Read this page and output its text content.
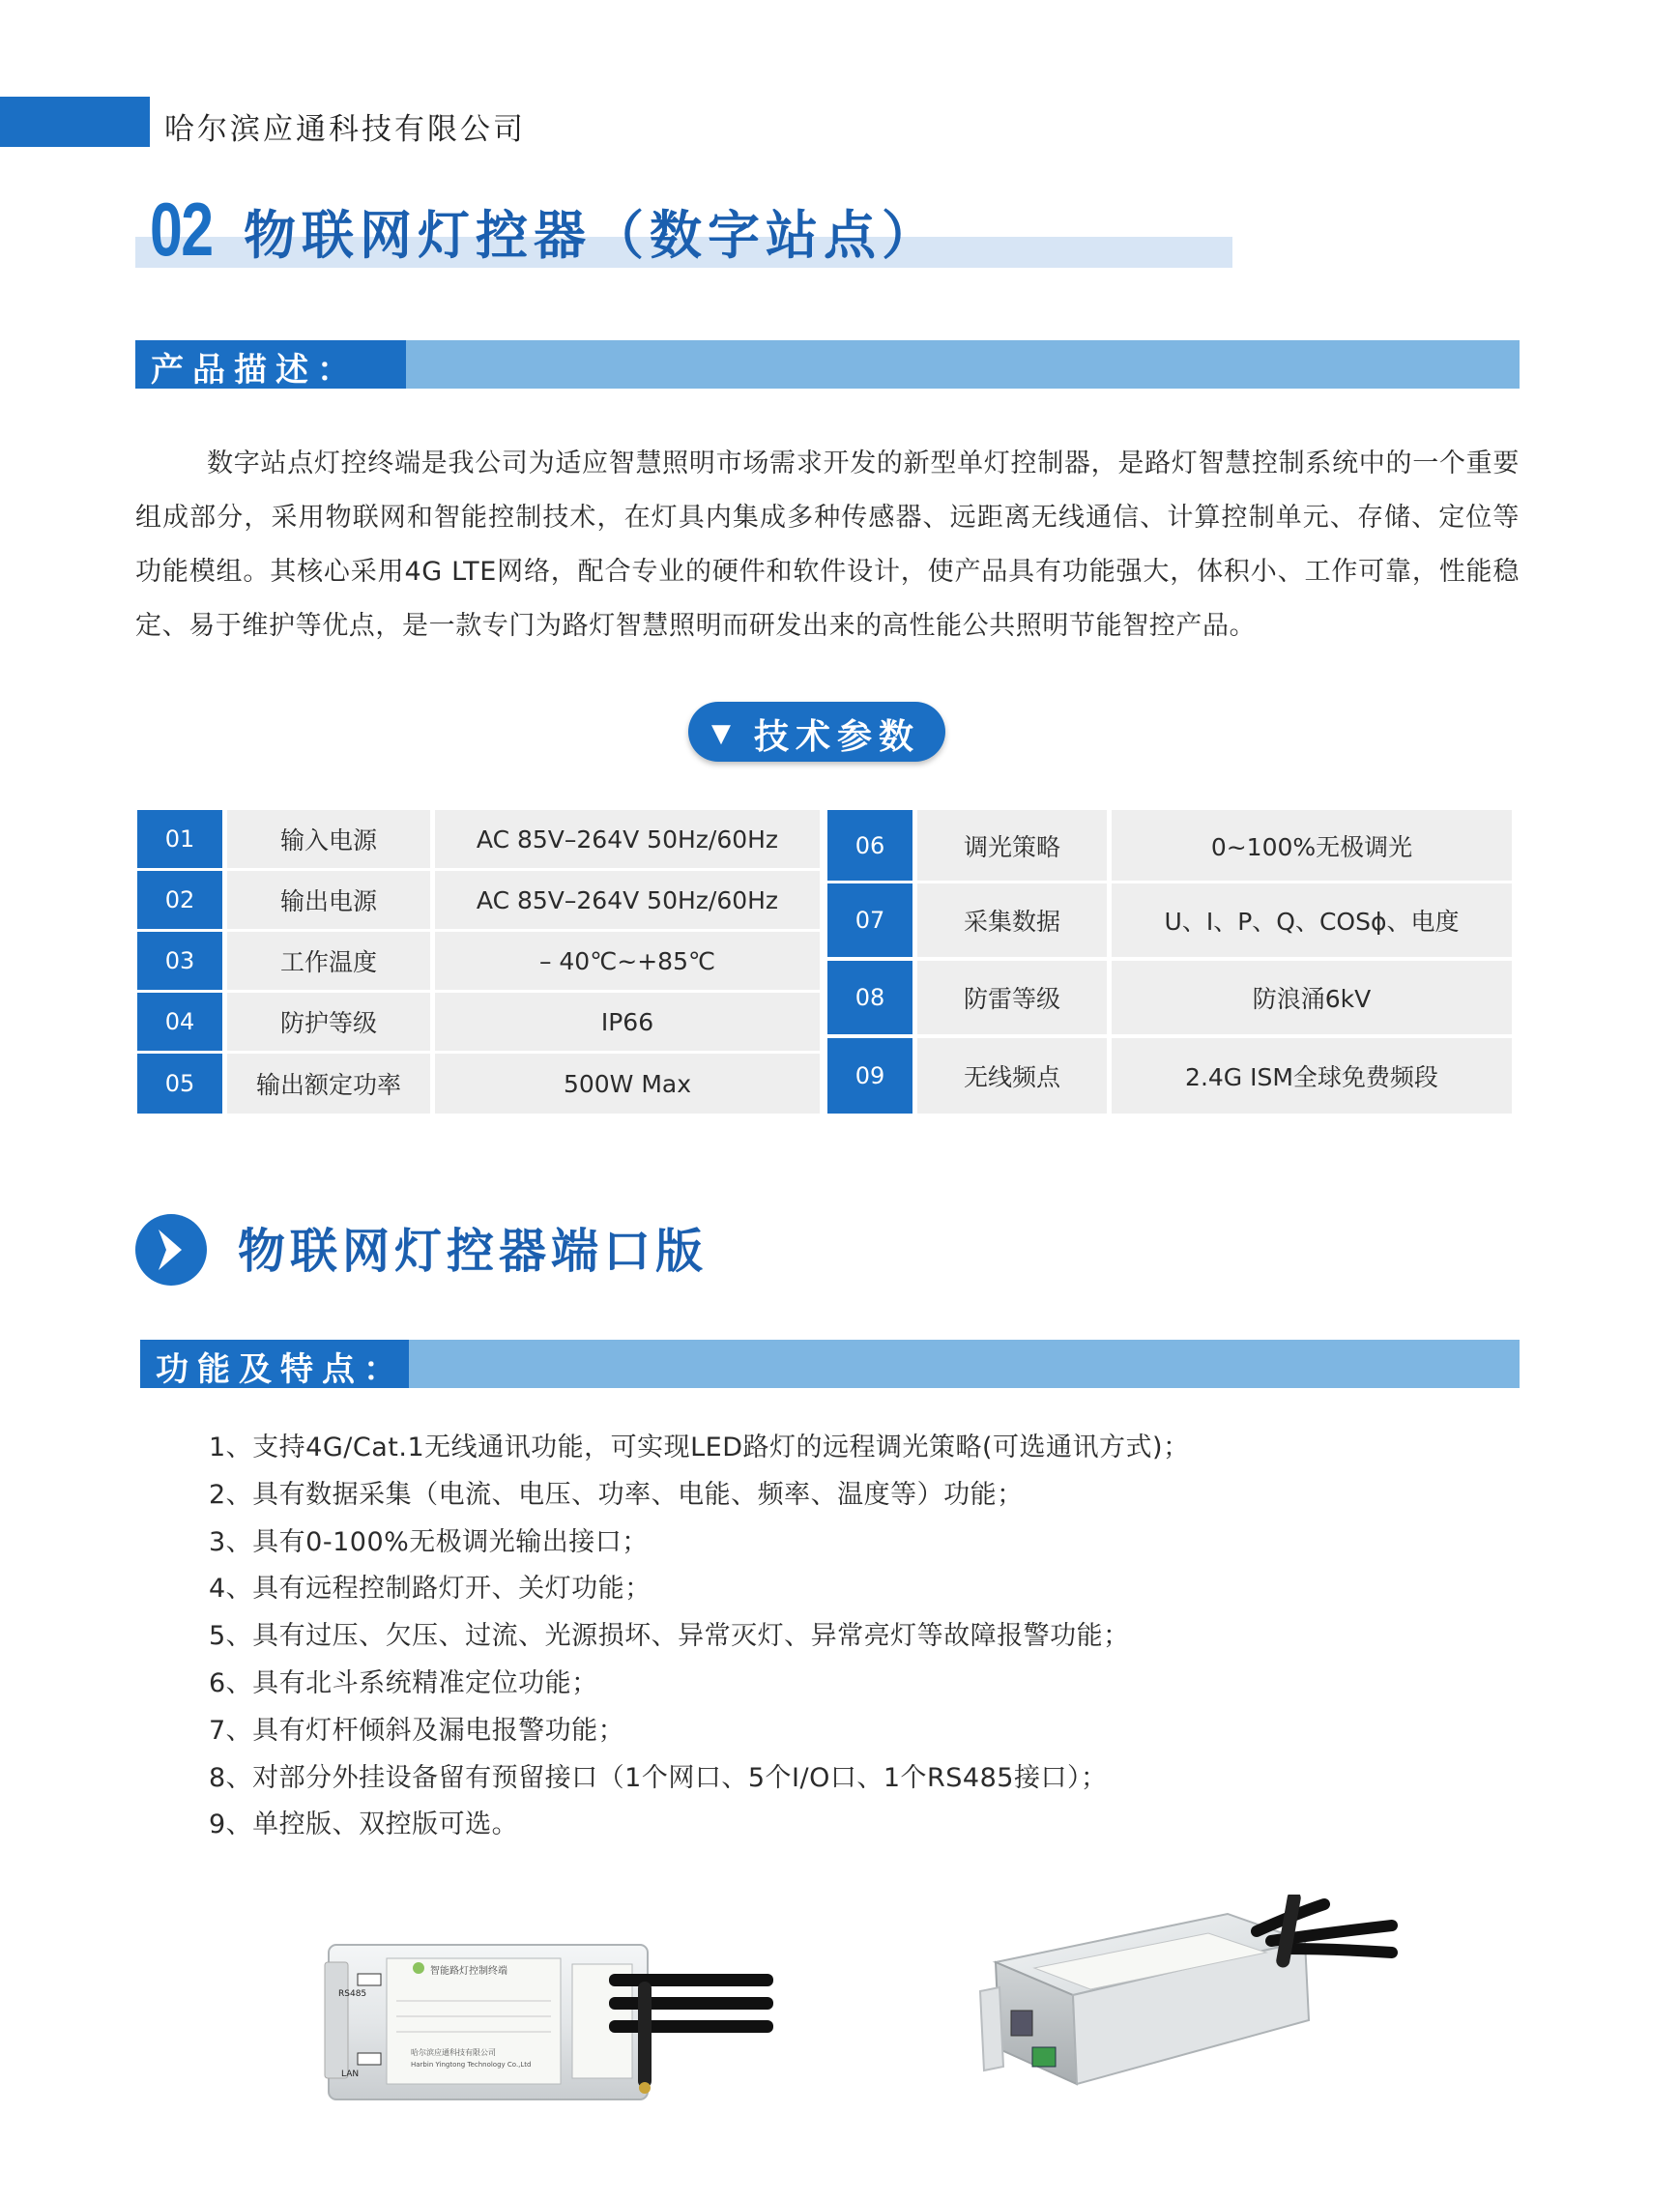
哈尔滨应通科技有限公司
02 物联网灯控器（数字站点）
产品描述：

数字站点灯控终端是我公司为适应智慧照明市场需求开发的新型单灯控制器，是路灯智慧控制系统中的一个重要组成部分，采用物联网和智能控制技术，在灯具内集成多种传感器、远距离无线通信、计算控制单元、存储、定位等功能模组。其核心采用4G LTE网络，配合专业的硬件和软件设计，使产品具有功能强大，体积小、工作可靠，性能稳定、易于维护等优点，是一款专门为路灯智慧照明而研发出来的高性能公共照明节能智控产品。

▼ 技术参数
01	输入电源	AC 85V–264V 50Hz/60Hz
02	输出电源	AC 85V–264V 50Hz/60Hz
03	工作温度	– 40℃~+85℃
04	防护等级	IP66
05	输出额定功率	500W Max
06	调光策略	0~100%无极调光
07	采集数据	U、I、P、Q、COSϕ、电度
08	防雷等级	防浪涌6kV
09	无线频点	2.4G ISM全球免费频段
物联网灯控器端口版
功能及特点：
1、支持4G/Cat.1无线通讯功能，可实现LED路灯的远程调光策略(可选通讯方式)；
2、具有数据采集（电流、电压、功率、电能、频率、温度等）功能；
3、具有0-100%无极调光输出接口；
4、具有远程控制路灯开、关灯功能；
5、具有过压、欠压、过流、光源损坏、异常灭灯、异常亮灯等故障报警功能；
6、具有北斗系统精准定位功能；
7、具有灯杆倾斜及漏电报警功能；
8、对部分外挂设备留有预留接口（1个网口、5个I/O口、1个RS485接口）；
9、单控版、双控版可选。
RS485
LAN
智能路灯控制终端
哈尔滨应通科技有限公司
Harbin Yingtong Technology Co.,Ltd
